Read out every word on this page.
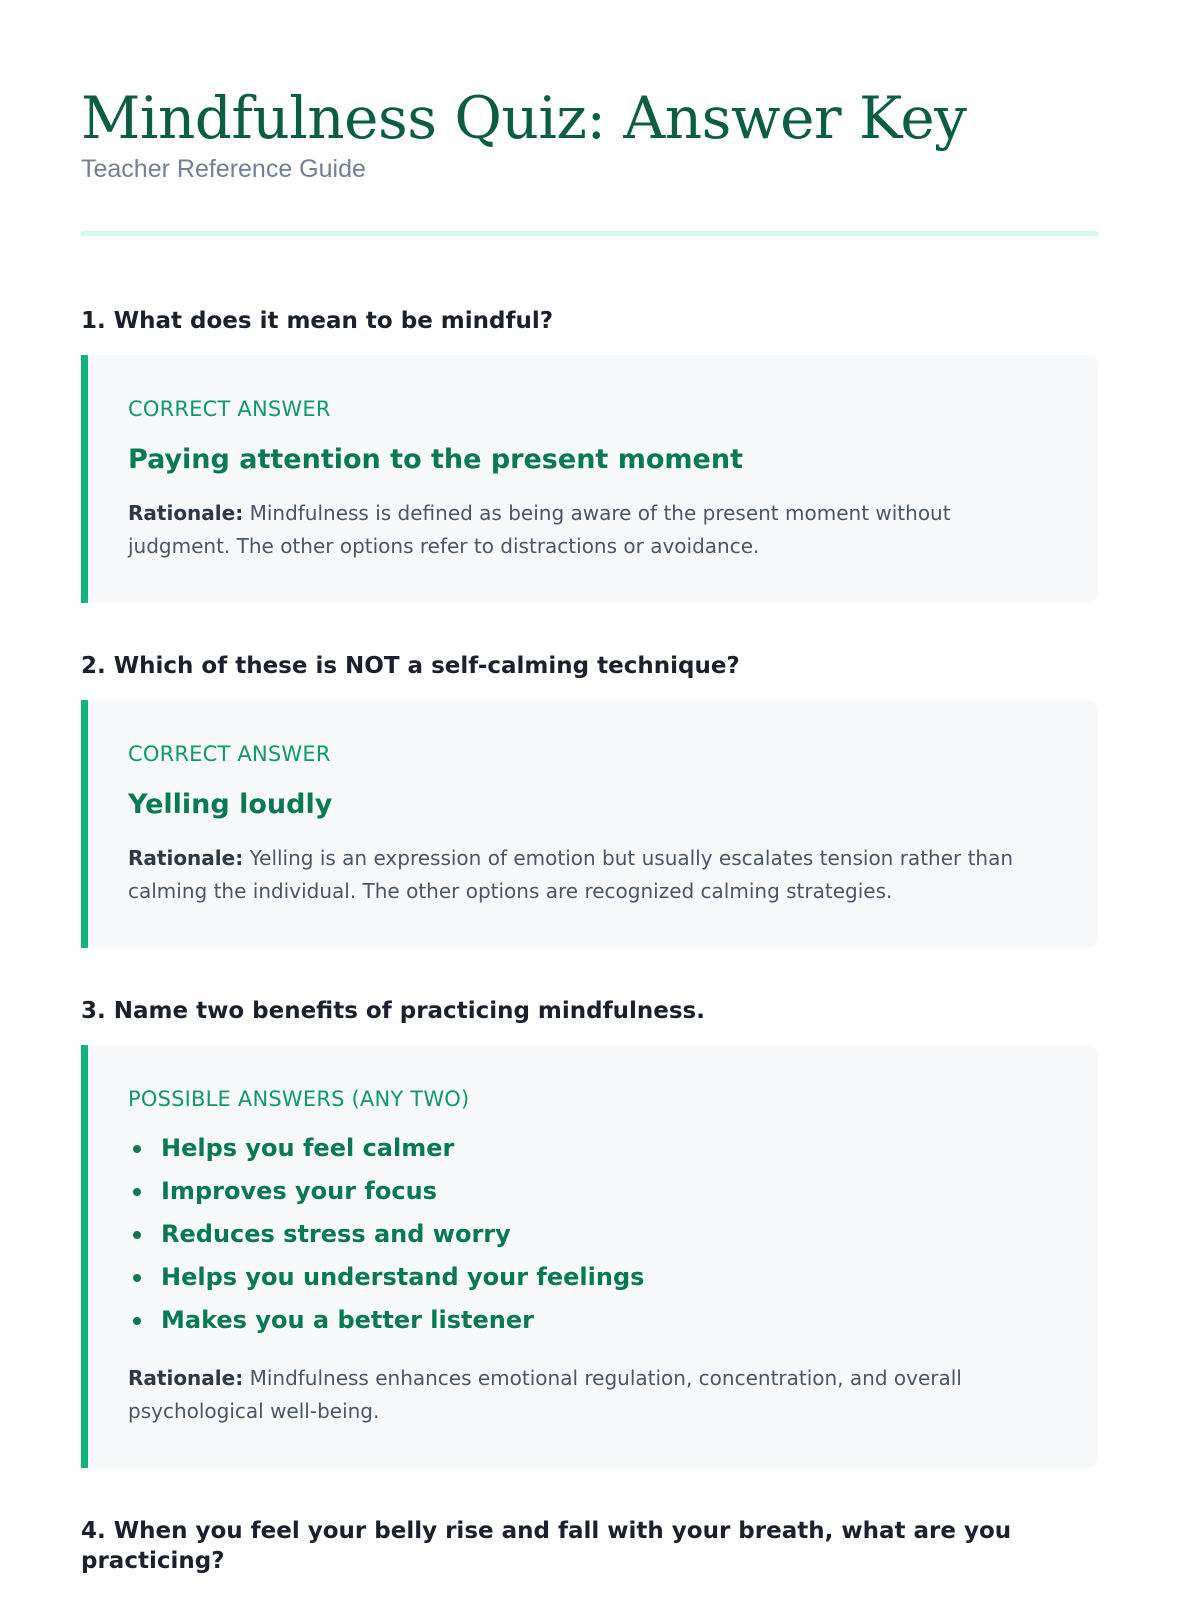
Mindfulness Quiz: Answer Key
Teacher Reference Guide
1. What does it mean to be mindful?
CORRECT ANSWER
Paying attention to the present moment
Rationale: Mindfulness is defined as being aware of the present moment without judgment. The other options refer to distractions or avoidance.
2. Which of these is NOT a self-calming technique?
CORRECT ANSWER
Yelling loudly
Rationale: Yelling is an expression of emotion but usually escalates tension rather than calming the individual. The other options are recognized calming strategies.
3. Name two benefits of practicing mindfulness.
POSSIBLE ANSWERS (ANY TWO)
Helps you feel calmer
Improves your focus
Reduces stress and worry
Helps you understand your feelings
Makes you a better listener
Rationale: Mindfulness enhances emotional regulation, concentration, and overall psychological well-being.
4. When you feel your belly rise and fall with your breath, what are you practicing?
